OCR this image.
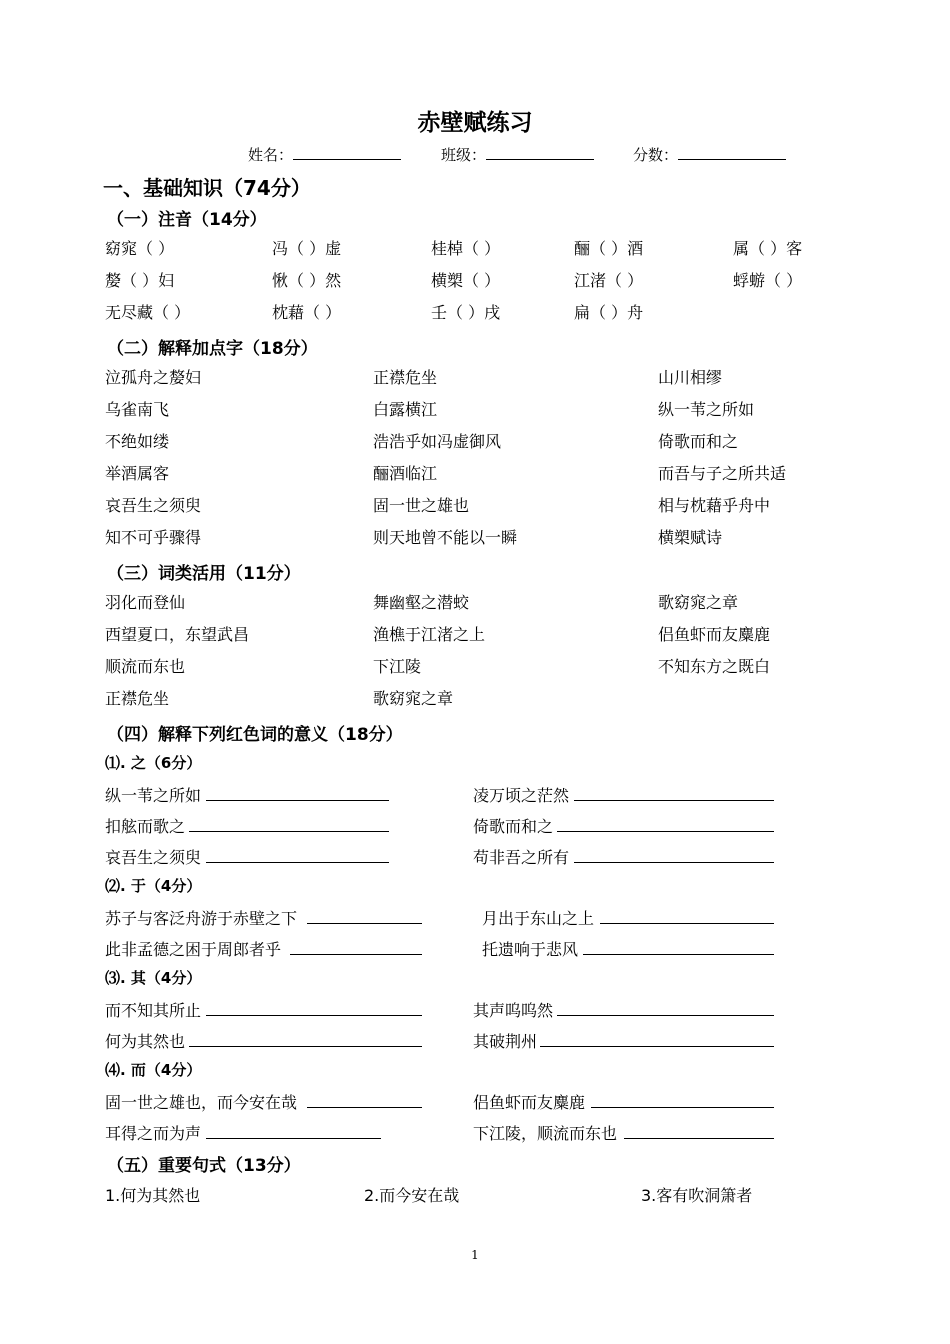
赤壁赋练习
姓名：	班级：	分数：
一、基础知识（74分）
（一）注音（14分）
窈窕（ ）	冯（ ）虚	桂棹（ ）	酾（ ）酒	属（ ）客
嫠（ ）妇	愀（ ）然	横槊（ ）	江渚（ ）	蜉蝣（ ）
无尽藏（ ）	枕藉（ ）	壬（ ）戌	扁（ ）舟
（二）解释加点字（18分）
泣孤舟之嫠妇	正襟危坐	山川相缪
乌雀南飞	白露横江	纵一苇之所如
不绝如缕	浩浩乎如冯虚御风	倚歌而和之
举酒属客	酾酒临江	而吾与子之所共适
哀吾生之须臾	固一世之雄也	相与枕藉乎舟中
知不可乎骤得	则天地曾不能以一瞬	横槊赋诗
（三）词类活用（11分）
羽化而登仙	舞幽壑之潜蛟	歌窈窕之章
西望夏口，东望武昌	渔樵于江渚之上	侣鱼虾而友麋鹿
顺流而东也	下江陵	不知东方之既白
正襟危坐	歌窈窕之章
（四）解释下列红色词的意义（18分）
⑴. 之（6分）
纵一苇之所如	凌万顷之茫然
扣舷而歌之	倚歌而和之
哀吾生之须臾	苟非吾之所有
⑵. 于（4分）
苏子与客泛舟游于赤壁之下	月出于东山之上
此非孟德之困于周郎者乎	托遗响于悲风
⑶. 其（4分）
而不知其所止	其声呜呜然
何为其然也	其破荆州
⑷. 而（4分）
固一世之雄也，而今安在哉	侣鱼虾而友麋鹿
耳得之而为声	下江陵，顺流而东也
（五）重要句式（13分）
1.何为其然也	2.而今安在哉	3.客有吹洞箫者
1
